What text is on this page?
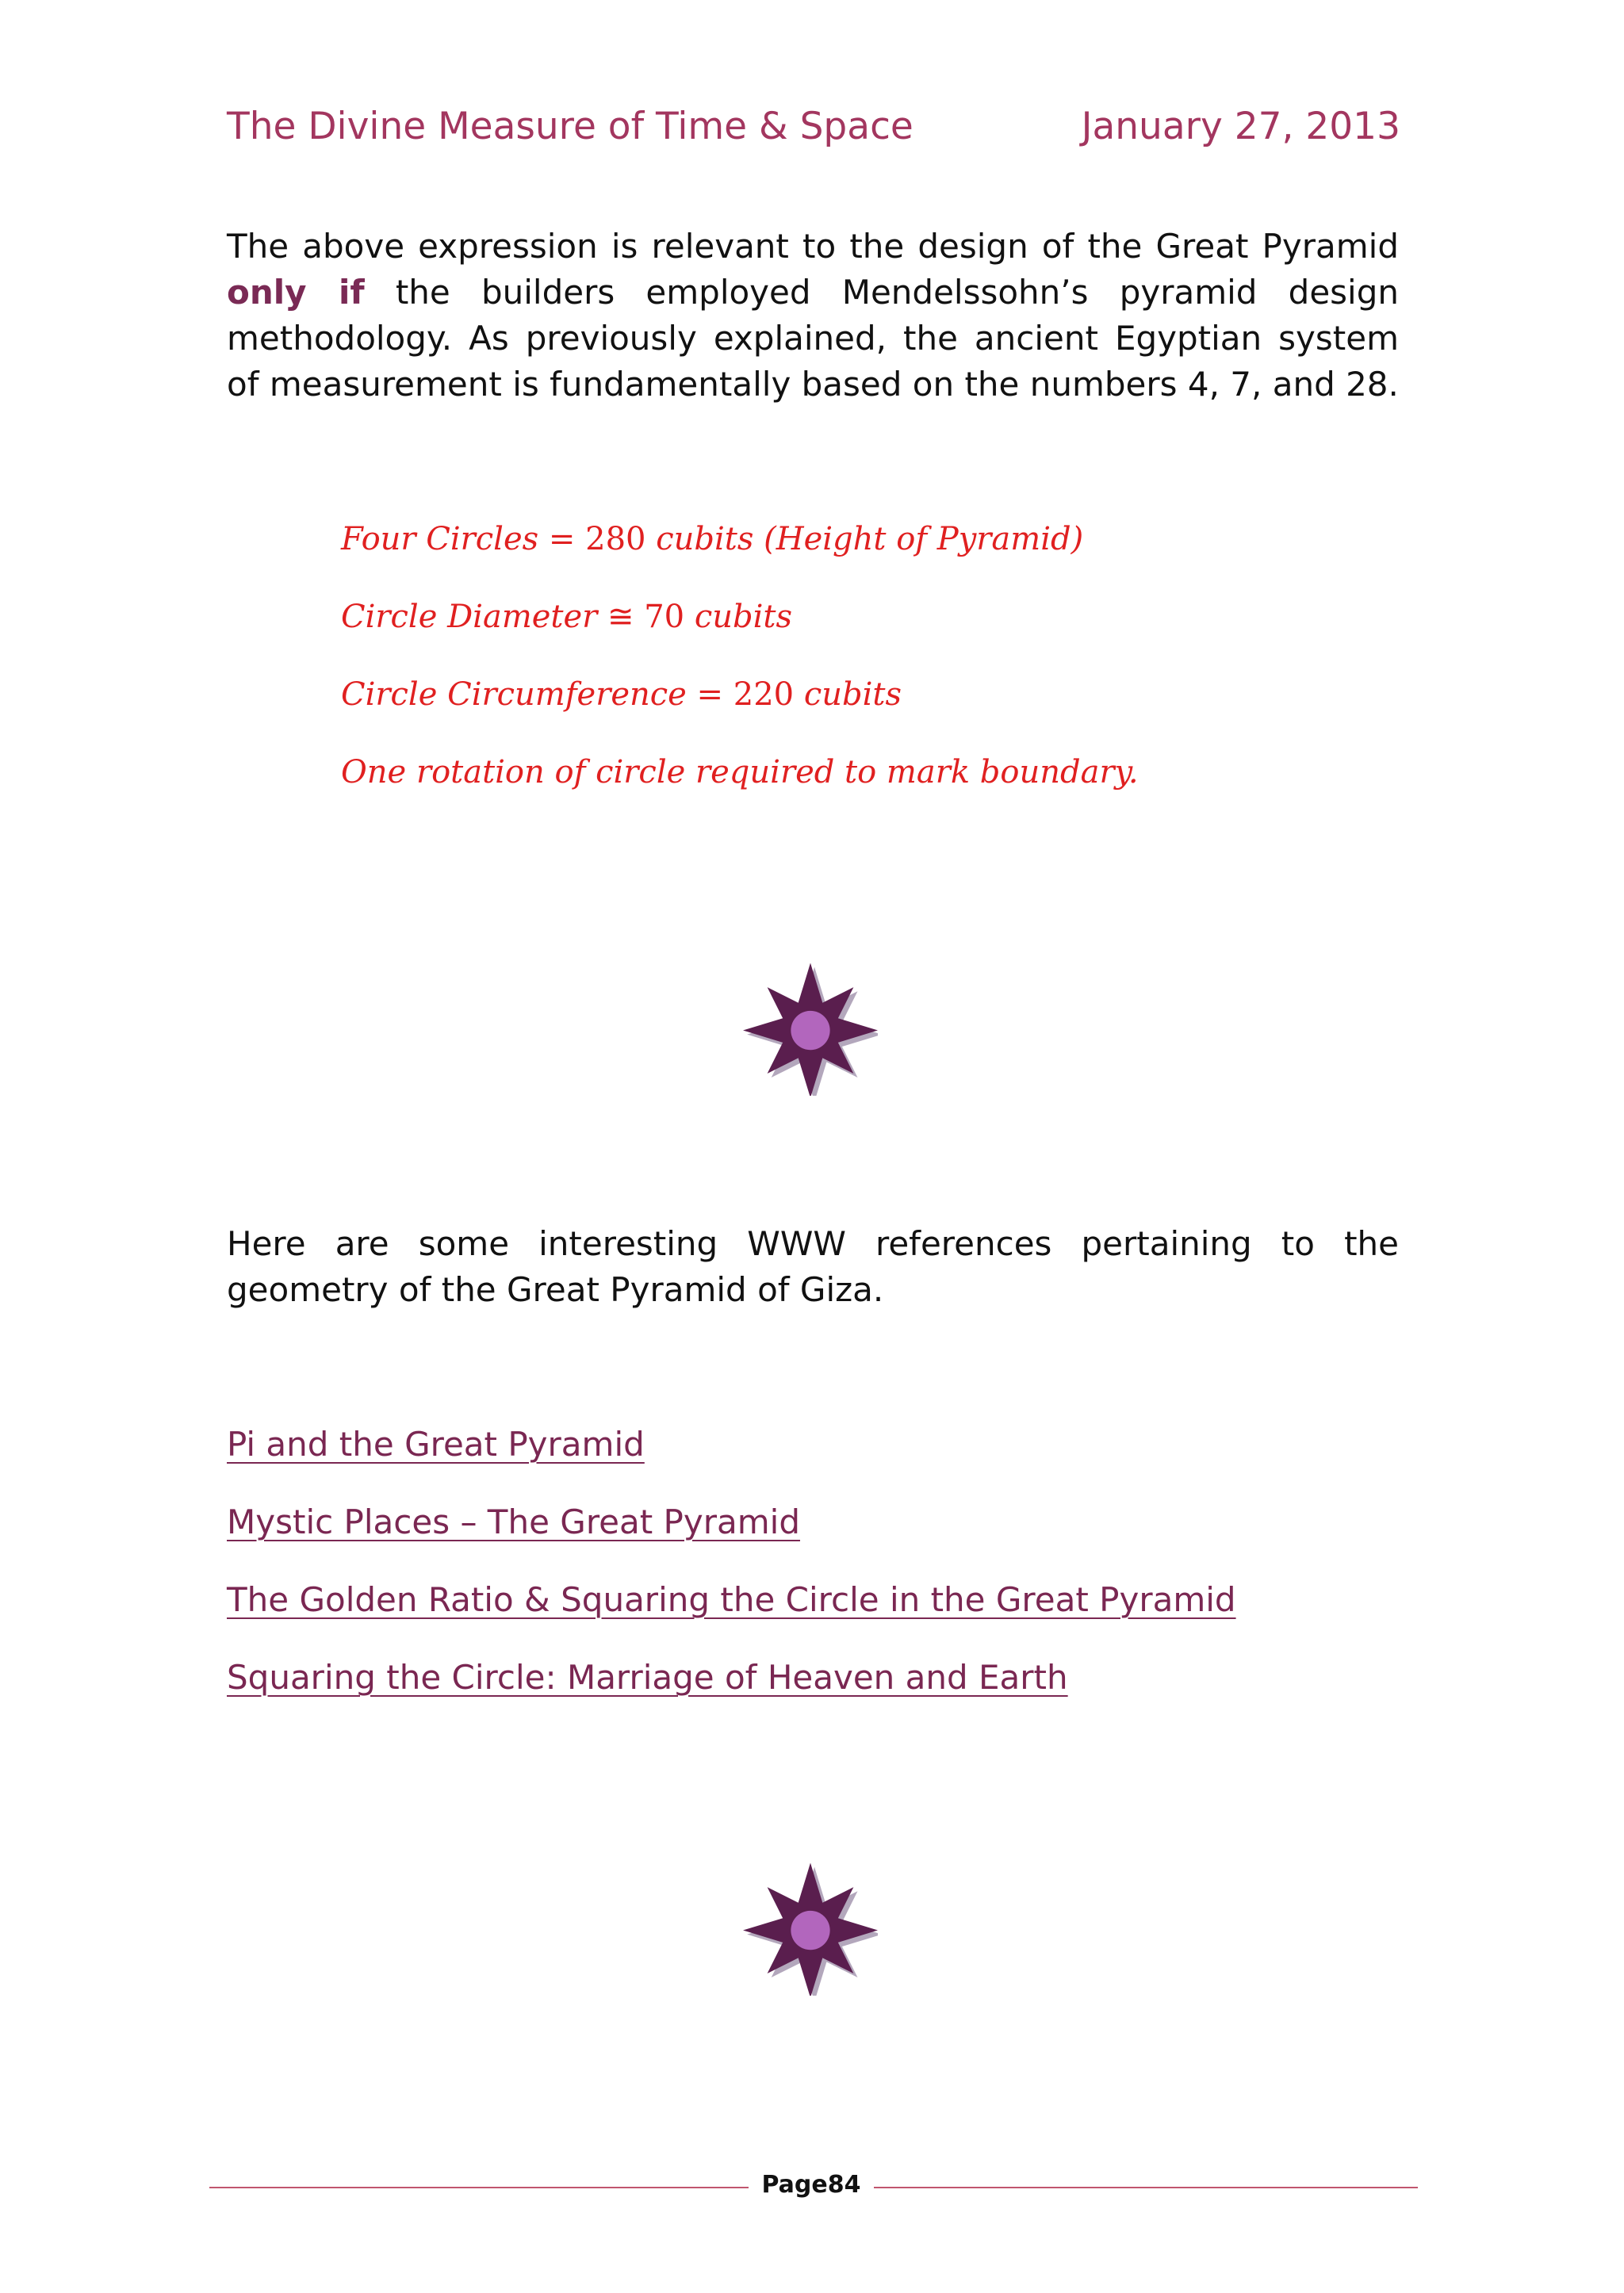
The Divine Measure of Time & Space	January 27, 2013

The above expression is relevant to the design of the Great Pyramid only if the builders employed Mendelssohn’s pyramid design methodology. As previously explained, the ancient Egyptian system of measurement is fundamentally based on the numbers 4, 7, and 28.

Four Circles = 280 cubits (Height of Pyramid)
Circle Diameter ≅ 70 cubits
Circle Circumference = 220 cubits
One rotation of circle required to mark boundary.

Here are some interesting WWW references pertaining to the geometry of the Great Pyramid of Giza.

Pi and the Great Pyramid
Mystic Places – The Great Pyramid
The Golden Ratio & Squaring the Circle in the Great Pyramid
Squaring the Circle: Marriage of Heaven and Earth
Page84
